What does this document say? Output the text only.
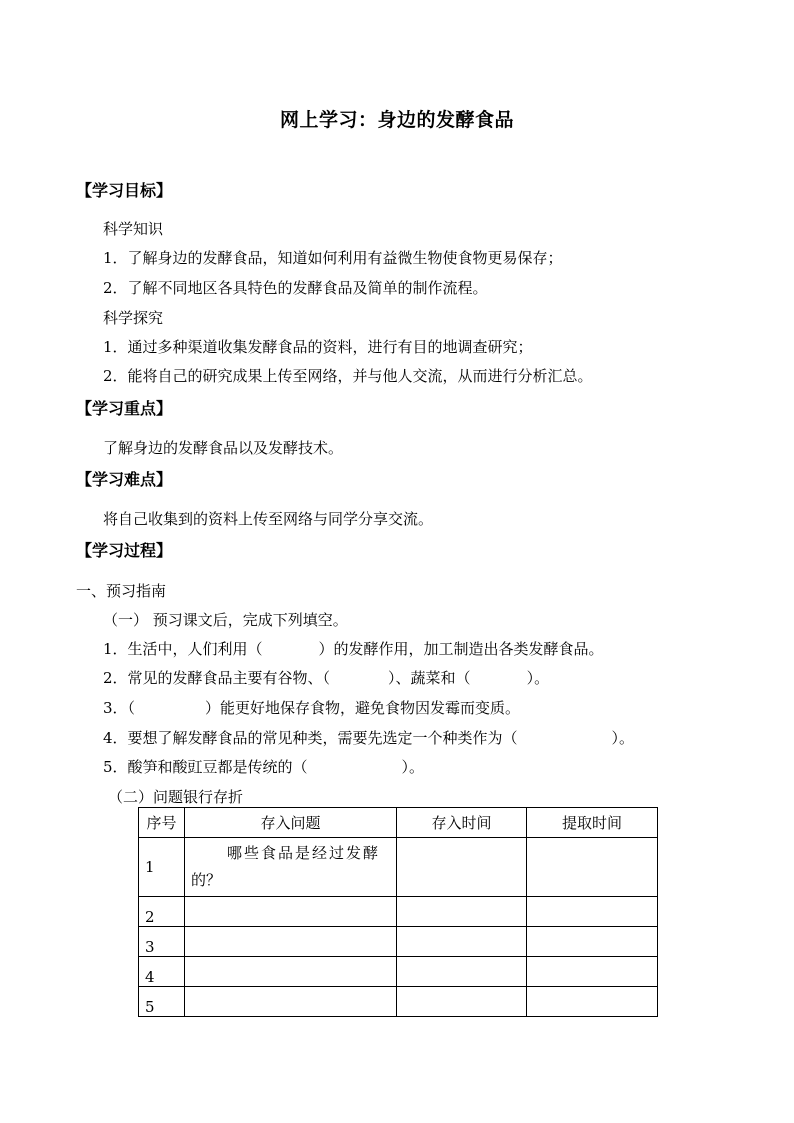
网上学习：身边的发酵食品
【学习目标】
科学知识
1．了解身边的发酵食品，知道如何利用有益微生物使食物更易保存；
2．了解不同地区各具特色的发酵食品及简单的制作流程。
科学探究
1．通过多种渠道收集发酵食品的资料，进行有目的地调查研究；
2．能将自己的研究成果上传至网络，并与他人交流，从而进行分析汇总。
【学习重点】
了解身边的发酵食品以及发酵技术。
【学习难点】
将自己收集到的资料上传至网络与同学分享交流。
【学习过程】
一、预习指南
（一） 预习课文后，完成下列填空。
1．生活中，人们利用（	）的发酵作用，加工制造出各类发酵食品。
2．常见的发酵食品主要有谷物、（	）、蔬菜和（	）。
3．（	）能更好地保存食物，避免食物因发霉而变质。
4．要想了解发酵食品的常见种类，需要先选定一个种类作为（	）。
5．酸笋和酸豇豆都是传统的（	）。
（二）问题银行存折
序号	存入问题	存入时间	提取时间
1	哪些食品是经过发酵
的？		

2			
3			
4			
5			
